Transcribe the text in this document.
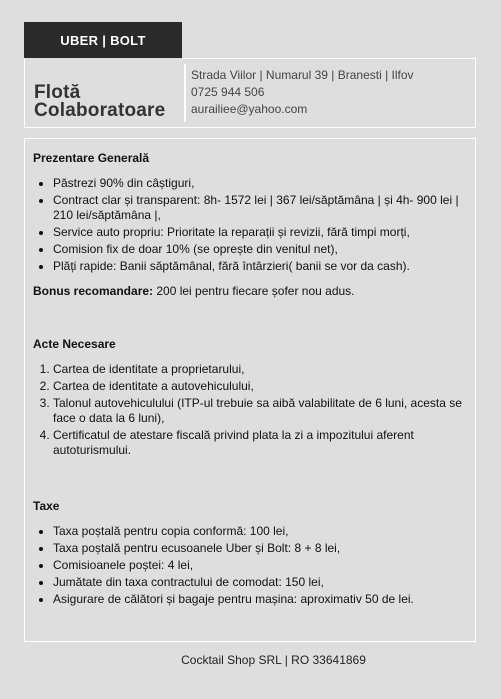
UBER | BOLT
Flotă
Colaboratoare
Strada Viilor | Numarul 39 | Branesti | Ilfov
0725 944 506
aurailiee@yahoo.com
Prezentare Generală
• Păstrezi 90% din câștiguri,
• Contract clar și transparent: 8h- 1572 lei | 367 lei/săptămâna | și 4h- 900 lei | 210 lei/săptămâna |,
• Service auto propriu: Prioritate la reparații și revizii, fără timpi morți,
• Comision fix de doar 10% (se oprește din venitul net),
• Plăți rapide: Banii săptămânal, fără întârzieri( banii se vor da cash).
Bonus recomandare: 200 lei pentru fiecare șofer nou adus.
Acte Necesare
1. Cartea de identitate a proprietarului,
2. Cartea de identitate a autovehiculului,
3. Talonul autovehiculului (ITP-ul trebuie sa aibă valabilitate de 6 luni, acesta se face o data la 6 luni),
4. Certificatul de atestare fiscală privind plata la zi a impozitului aferent autoturismului.
Taxe
• Taxa poștală pentru copia conformă: 100 lei,
• Taxa poștală pentru ecusoanele Uber și Bolt: 8 + 8 lei,
• Comisioanele poștei: 4 lei,
• Jumătate din taxa contractului de comodat: 150 lei,
• Asigurare de călători și bagaje pentru mașina: aproximativ 50 de lei.
Cocktail Shop SRL | RO 33641869
